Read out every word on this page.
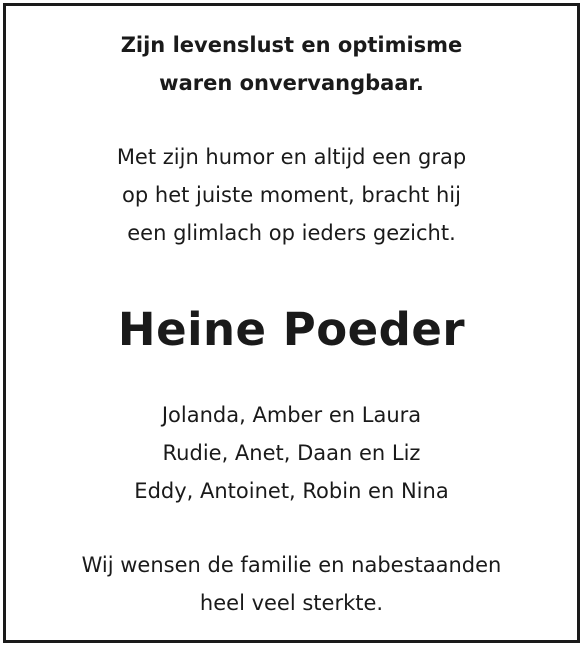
Zijn levenslust en optimisme
waren onvervangbaar.
Met zijn humor en altijd een grap
op het juiste moment, bracht hij
een glimlach op ieders gezicht.
Heine Poeder
Jolanda, Amber en Laura
Rudie, Anet, Daan en Liz
Eddy, Antoinet, Robin en Nina
Wij wensen de familie en nabestaanden
heel veel sterkte.
